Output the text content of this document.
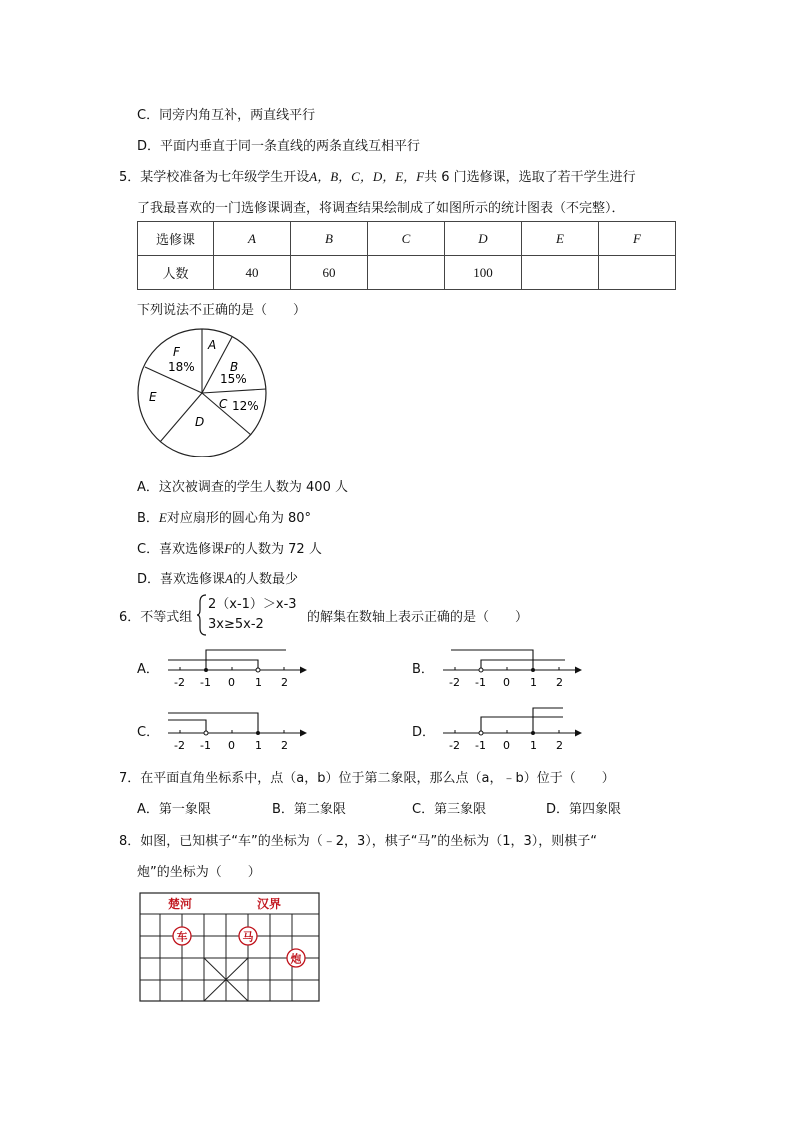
C．同旁内角互补，两直线平行
D．平面内垂直于同一条直线的两条直线互相平行
5．某学校准备为七年级学生开设A，B，C，D，E，F共 6 门选修课，选取了若干学生进行
了我最喜欢的一门选修课调查，将调查结果绘制成了如图所示的统计图表（不完整）．
选修课	A	B	C	D	E	F
人数	40	60		100		
下列说法不正确的是（　　）
A
B
15%
C 12%
D
E
F
18%
A．这次被调查的学生人数为 400 人
B．E对应扇形的圆心角为 80°
C．喜欢选修课F的人数为 72 人
D．喜欢选修课A的人数最少
6．不等式组
2（x-1）＞x-3
3x≥5x-2	的解集在数轴上表示正确的是（　　）
A．	B．
C．	D．
-2 -1 0 1 2	-2 -1 0 1 2
-2 -1 0 1 2	-2 -1 0 1 2
7．在平面直角坐标系中，点（a，b）位于第二象限，那么点（a，﹣b）位于（　　）
A．第一象限	B．第二象限	C．第三象限	D．第四象限
8．如图，已知棋子“车”的坐标为（﹣2，3），棋子“马”的坐标为（1，3），则棋子“
炮”的坐标为（　　）
楚河	汉界
车	马
炮
